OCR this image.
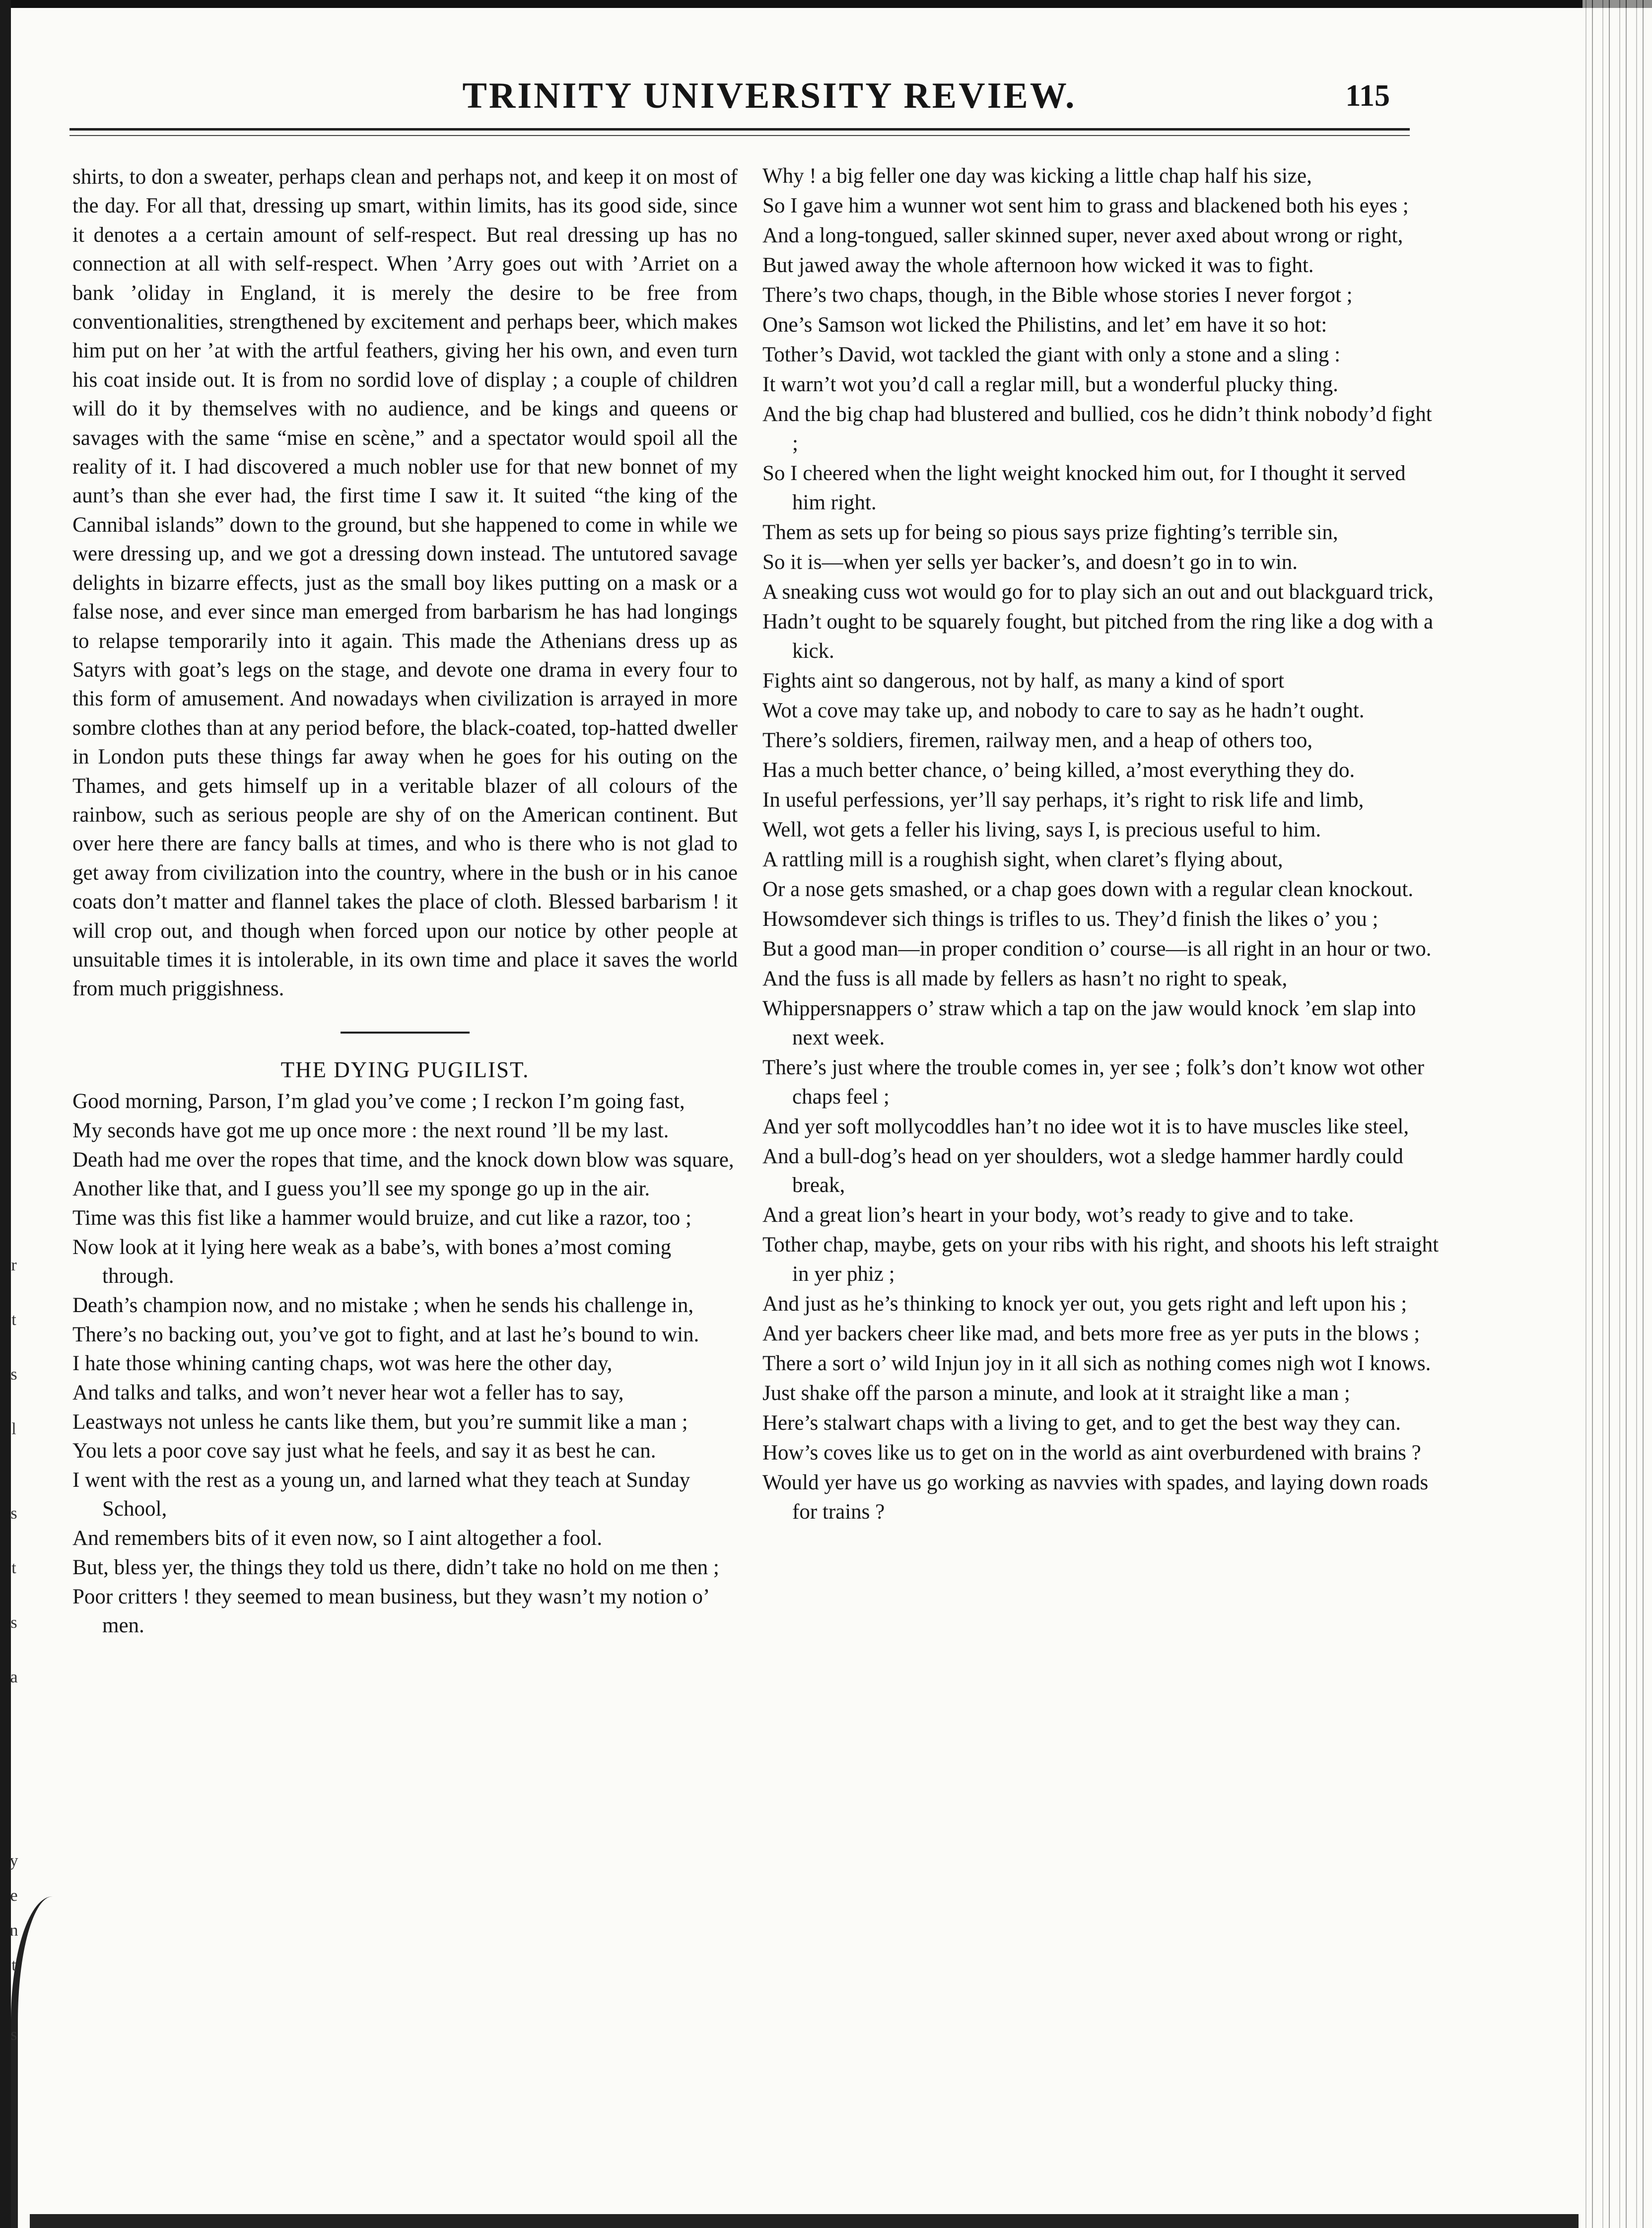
r
t
s
l
s
t
s
a
y
e
n
t
s
TRINITY UNIVERSITY REVIEW.	115

shirts, to don a sweater, perhaps clean and perhaps not, and keep it on most of the day. For all that, dressing up smart, within limits, has its good side, since it denotes a a certain amount of self-respect. But real dressing up has no connection at all with self-respect. When ’Arry goes out with ’Arriet on a bank ’oliday in England, it is merely the desire to be free from conventionalities, strengthened by excitement and perhaps beer, which makes him put on her ’at with the artful feathers, giving her his own, and even turn his coat inside out. It is from no sordid love of display ; a couple of children will do it by themselves with no audience, and be kings and queens or savages with the same “mise en scène,” and a spectator would spoil all the reality of it. I had discovered a much nobler use for that new bonnet of my aunt’s than she ever had, the first time I saw it. It suited “the king of the Cannibal islands” down to the ground, but she happened to come in while we were dressing up, and we got a dressing down instead. The untutored savage delights in bizarre effects, just as the small boy likes putting on a mask or a false nose, and ever since man emerged from barbarism he has had longings to relapse temporarily into it again. This made the Athenians dress up as Satyrs with goat’s legs on the stage, and devote one drama in every four to this form of amusement. And nowadays when civilization is arrayed in more sombre clothes than at any period before, the black-coated, top-hatted dweller in London puts these things far away when he goes for his outing on the Thames, and gets himself up in a veritable blazer of all colours of the rainbow, such as serious people are shy of on the American continent. But over here there are fancy balls at times, and who is there who is not glad to get away from civilization into the country, where in the bush or in his canoe coats don’t matter and flannel takes the place of cloth. Blessed barbarism ! it will crop out, and though when forced upon our notice by other people at unsuitable times it is intolerable, in its own time and place it saves the world from much priggishness.

THE DYING PUGILIST.

Good morning, Parson, I’m glad you’ve come ; I reckon I’m going fast,
My seconds have got me up once more : the next round ’ll be my last.
Death had me over the ropes that time, and the knock down blow was square,
Another like that, and I guess you’ll see my sponge go up in the air.
Time was this fist like a hammer would bruize, and cut like a razor, too ;
Now look at it lying here weak as a babe’s, with bones a’most coming through.
Death’s champion now, and no mistake ; when he sends his challenge in,
There’s no backing out, you’ve got to fight, and at last he’s bound to win.
I hate those whining canting chaps, wot was here the other day,
And talks and talks, and won’t never hear wot a feller has to say,
Leastways not unless he cants like them, but you’re summit like a man ;
You lets a poor cove say just what he feels, and say it as best he can.
I went with the rest as a young un, and larned what they teach at Sunday School,
And remembers bits of it even now, so I aint altogether a fool.
But, bless yer, the things they told us there, didn’t take no hold on me then ;
Poor critters ! they seemed to mean business, but they wasn’t my notion o’ men.
Why ! a big feller one day was kicking a little chap half his size,
So I gave him a wunner wot sent him to grass and blackened both his eyes ;
And a long-tongued, saller skinned super, never axed about wrong or right,
But jawed away the whole afternoon how wicked it was to fight.
There’s two chaps, though, in the Bible whose stories I never forgot ;
One’s Samson wot licked the Philistins, and let’ em have it so hot:
Tother’s David, wot tackled the giant with only a stone and a sling :
It warn’t wot you’d call a reglar mill, but a wonderful plucky thing.
And the big chap had blustered and bullied, cos he didn’t think nobody’d fight ;
So I cheered when the light weight knocked him out, for I thought it served him right.
Them as sets up for being so pious says prize fighting’s terrible sin,
So it is—when yer sells yer backer’s, and doesn’t go in to win.
A sneaking cuss wot would go for to play sich an out and out blackguard trick,
Hadn’t ought to be squarely fought, but pitched from the ring like a dog with a kick.
Fights aint so dangerous, not by half, as many a kind of sport
Wot a cove may take up, and nobody to care to say as he hadn’t ought.
There’s soldiers, firemen, railway men, and a heap of others too,
Has a much better chance, o’ being killed, a’most everything they do.
In useful perfessions, yer’ll say perhaps, it’s right to risk life and limb,
Well, wot gets a feller his living, says I, is precious useful to him.
A rattling mill is a roughish sight, when claret’s flying about,
Or a nose gets smashed, or a chap goes down with a regular clean knockout.
Howsomdever sich things is trifles to us. They’d finish the likes o’ you ;
But a good man—in proper condition o’ course—is all right in an hour or two.
And the fuss is all made by fellers as hasn’t no right to speak,
Whippersnappers o’ straw which a tap on the jaw would knock ’em slap into next week.
There’s just where the trouble comes in, yer see ; folk’s don’t know wot other chaps feel ;
And yer soft mollycoddles han’t no idee wot it is to have muscles like steel,
And a bull-dog’s head on yer shoulders, wot a sledge hammer hardly could break,
And a great lion’s heart in your body, wot’s ready to give and to take.
Tother chap, maybe, gets on your ribs with his right, and shoots his left straight in yer phiz ;
And just as he’s thinking to knock yer out, you gets right and left upon his ;
And yer backers cheer like mad, and bets more free as yer puts in the blows ;
There a sort o’ wild Injun joy in it all sich as nothing comes nigh wot I knows.
Just shake off the parson a minute, and look at it straight like a man ;
Here’s stalwart chaps with a living to get, and to get the best way they can.
How’s coves like us to get on in the world as aint overburdened with brains ?
Would yer have us go working as navvies with spades, and laying down roads for trains ?
